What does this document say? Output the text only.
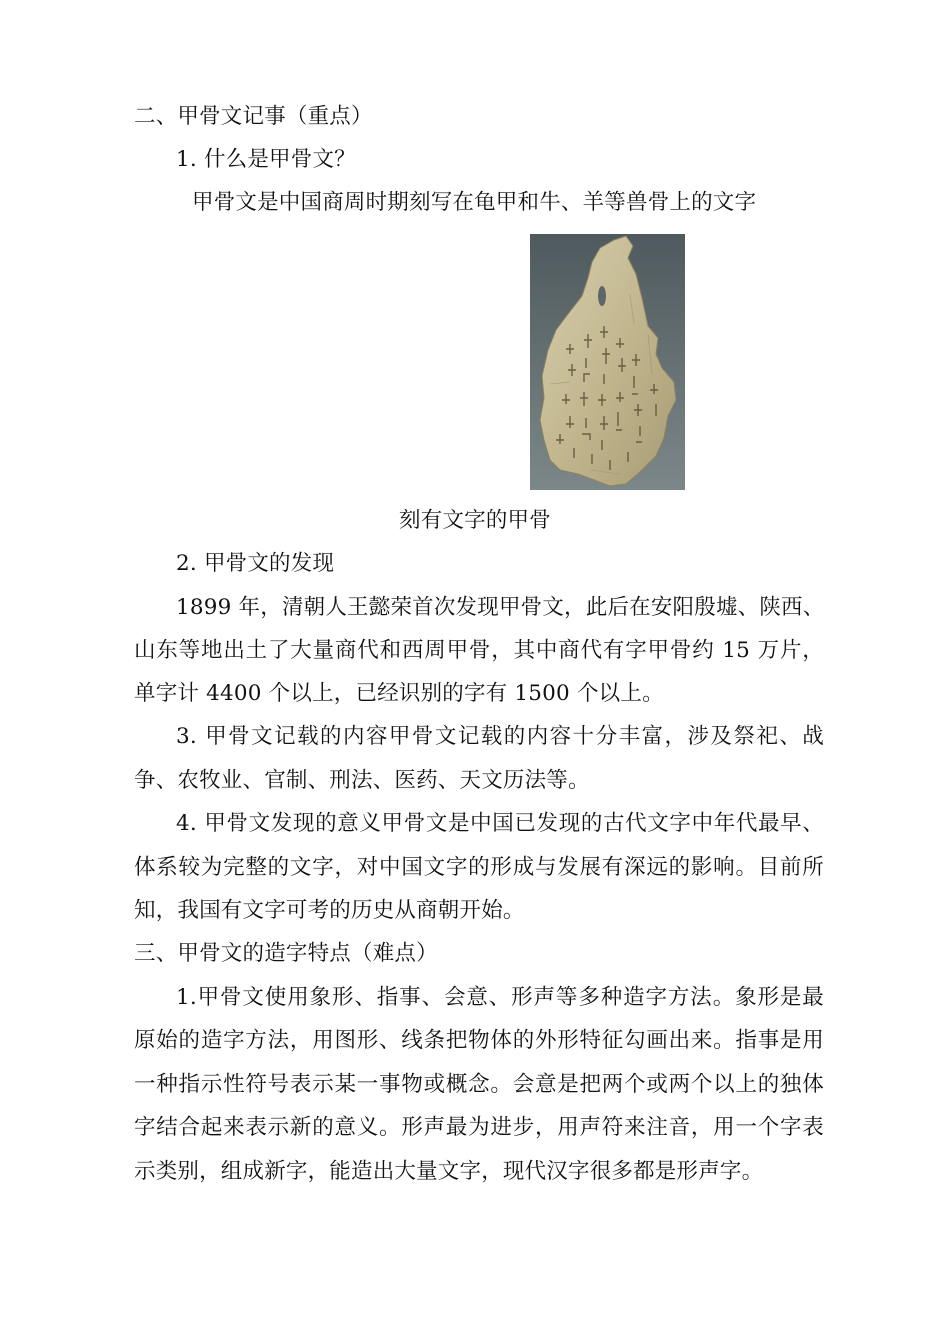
二、甲骨文记事（重点）
1. 什么是甲骨文？
甲骨文是中国商周时期刻写在龟甲和牛、羊等兽骨上的文字
刻有文字的甲骨
2. 甲骨文的发现
1899 年，清朝人王懿荣首次发现甲骨文，此后在安阳殷墟、陕西、
山东等地出土了大量商代和西周甲骨，其中商代有字甲骨约 15 万片，
单字计 4400 个以上，已经识别的字有 1500 个以上。
3. 甲骨文记载的内容甲骨文记载的内容十分丰富，涉及祭祀、战
争、农牧业、官制、刑法、医药、天文历法等。
4. 甲骨文发现的意义甲骨文是中国已发现的古代文字中年代最早、
体系较为完整的文字，对中国文字的形成与发展有深远的影响。目前所
知，我国有文字可考的历史从商朝开始。
三、甲骨文的造字特点（难点）
1.甲骨文使用象形、指事、会意、形声等多种造字方法。象形是最
原始的造字方法，用图形、线条把物体的外形特征勾画出来。指事是用
一种指示性符号表示某一事物或概念。会意是把两个或两个以上的独体
字结合起来表示新的意义。形声最为进步，用声符来注音，用一个字表
示类别，组成新字，能造出大量文字，现代汉字很多都是形声字。
